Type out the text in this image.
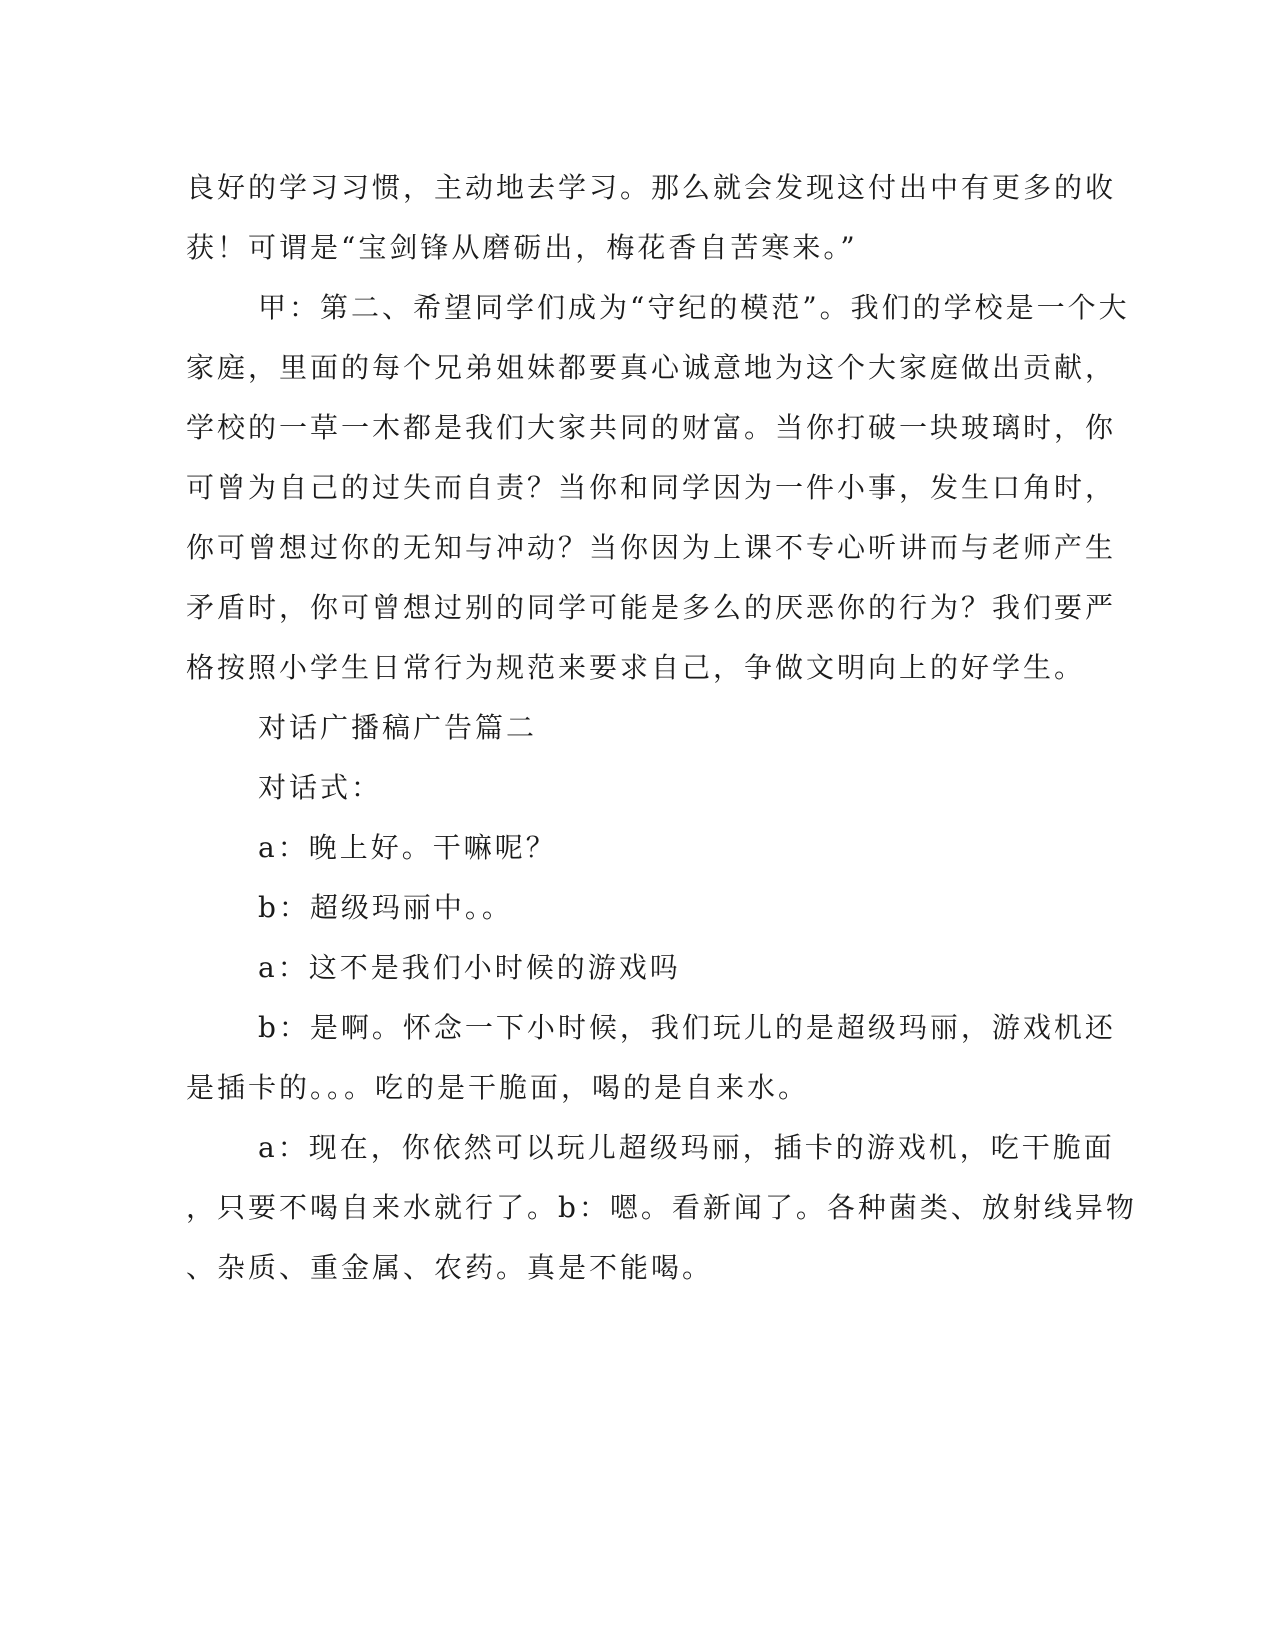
良好的学习习惯，主动地去学习。那么就会发现这付出中有更多的收
获！可谓是“宝剑锋从磨砺出，梅花香自苦寒来。”
甲：第二、希望同学们成为“守纪的模范”。我们的学校是一个大
家庭，里面的每个兄弟姐妹都要真心诚意地为这个大家庭做出贡献，
学校的一草一木都是我们大家共同的财富。当你打破一块玻璃时，你
可曾为自己的过失而自责？当你和同学因为一件小事，发生口角时，
你可曾想过你的无知与冲动？当你因为上课不专心听讲而与老师产生
矛盾时，你可曾想过别的同学可能是多么的厌恶你的行为？我们要严
格按照小学生日常行为规范来要求自己，争做文明向上的好学生。
对话广播稿广告篇二
对话式：
a：晚上好。干嘛呢？
b：超级玛丽中。。
a：这不是我们小时候的游戏吗
b：是啊。怀念一下小时候，我们玩儿的是超级玛丽，游戏机还
是插卡的。。。吃的是干脆面，喝的是自来水。
a：现在，你依然可以玩儿超级玛丽，插卡的游戏机，吃干脆面
，只要不喝自来水就行了。b：嗯。看新闻了。各种菌类、放射线异物
、杂质、重金属、农药。真是不能喝。
